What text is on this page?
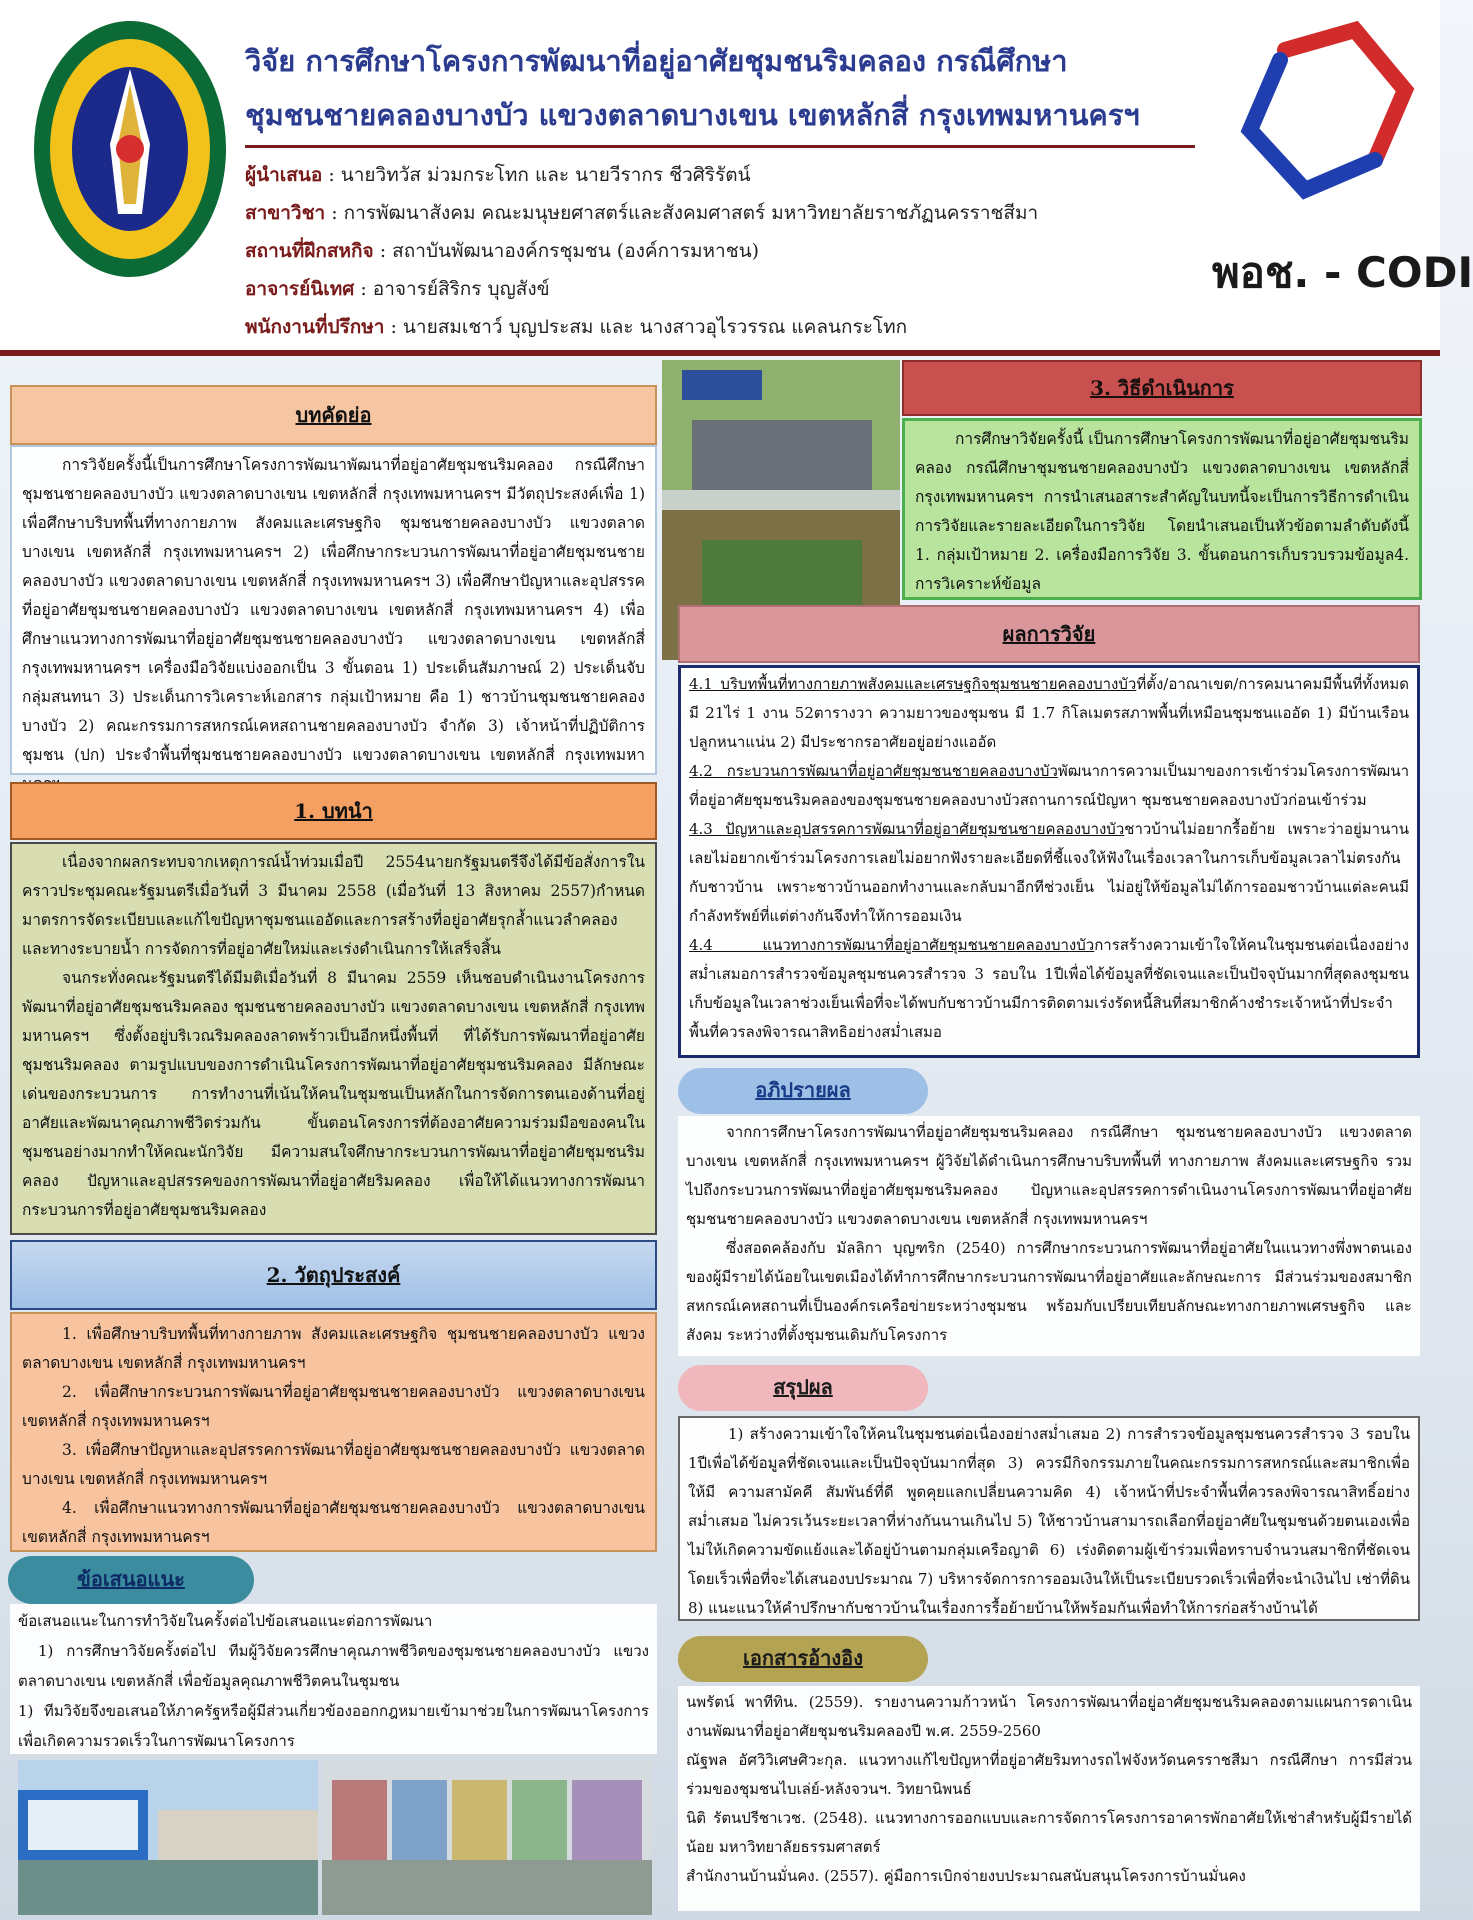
วิจัย การศึกษาโครงการพัฒนาที่อยู่อาศัยชุมชนริมคลอง กรณีศึกษา
ชุมชนชายคลองบางบัว แขวงตลาดบางเขน เขตหลักสี่ กรุงเทพมหานครฯ
ผู้นำเสนอ : นายวิทวัส ม่วมกระโทก และ นายวีรากร ชีวศิริรัตน์
สาขาวิชา : การพัฒนาสังคม คณะมนุษยศาสตร์และสังคมศาสตร์ มหาวิทยาลัยราชภัฏนครราชสีมา
สถานที่ฝึกสหกิจ : สถาบันพัฒนาองค์กรชุมชน (องค์การมหาชน)
อาจารย์นิเทศ : อาจารย์สิริกร บุญสังข์
พนักงานที่ปรึกษา : นายสมเชาว์ บุญประสม และ นางสาวอุไรวรรณ แคลนกระโทก
พอช. - CODI
บทคัดย่อ

การวิจัยครั้งนี้เป็นการศึกษาโครงการพัฒนาพัฒนาที่อยู่อาศัยชุมชนริมคลอง กรณีศึกษา ชุมชนชายคลองบางบัว แขวงตลาดบางเขน เขตหลักสี่ กรุงเทพมหานครฯ มีวัตถุประสงค์เพื่อ 1) เพื่อศึกษาบริบทพื้นที่ทางกายภาพ สังคมและเศรษฐกิจ ชุมชนชายคลองบางบัว แขวงตลาดบางเขน เขตหลักสี่ กรุงเทพมหานครฯ 2) เพื่อศึกษากระบวนการพัฒนาที่อยู่อาศัยชุมชนชายคลองบางบัว แขวงตลาดบางเขน เขตหลักสี่ กรุงเทพมหานครฯ 3) เพื่อศึกษาปัญหาและอุปสรรคที่อยู่อาศัยชุมชนชายคลองบางบัว แขวงตลาดบางเขน เขตหลักสี่ กรุงเทพมหานครฯ 4) เพื่อศึกษาแนวทางการพัฒนาที่อยู่อาศัยชุมชนชายคลองบางบัว แขวงตลาดบางเขน เขตหลักสี่ กรุงเทพมหานครฯ เครื่องมือวิจัยแบ่งออกเป็น 3 ขั้นตอน 1) ประเด็นสัมภาษณ์ 2) ประเด็นจับกลุ่มสนทนา 3) ประเด็นการวิเคราะห์เอกสาร กลุ่มเป้าหมาย คือ 1) ชาวบ้านชุมชนชายคลองบางบัว 2) คณะกรรมการสหกรณ์เคหสถานชายคลองบางบัว จำกัด 3) เจ้าหน้าที่ปฏิบัติการชุมชน (ปก) ประจำพื้นที่ชุมชนชายคลองบางบัว แขวงตลาดบางเขน เขตหลักสี่ กรุงเทพมหา

1. บทนำ

เนื่องจากผลกระทบจากเหตุการณ์น้ำท่วมเมื่อปี 2554นายกรัฐมนตรีจึงได้มีข้อสั่งการในคราวประชุมคณะรัฐมนตรีเมื่อวันที่ 3 มีนาคม 2558 (เมื่อวันที่ 13 สิงหาคม 2557)กำหนดมาตรการจัดระเบียบและแก้ไขปัญหาชุมชนแออัดและการสร้างที่อยู่อาศัยรุกล้ำแนวลำคลองและทางระบายน้ำ การจัดการที่อยู่อาศัยใหม่และเร่งดำเนินการให้เสร็จสิ้น

จนกระทั่งคณะรัฐมนตรีได้มีมติเมื่อวันที่ 8 มีนาคม 2559 เห็นชอบดำเนินงานโครงการพัฒนาที่อยู่อาศัยชุมชนริมคลอง ชุมชนชายคลองบางบัว แขวงตลาดบางเขน เขตหลักสี่ กรุงเทพมหานครฯ ซึ่งตั้งอยู่บริเวณริมคลองลาดพร้าวเป็นอีกหนึ่งพื้นที่ ที่ได้รับการพัฒนาที่อยู่อาศัยชุมชนริมคลอง ตามรูปแบบของการดำเนินโครงการพัฒนาที่อยู่อาศัยชุมชนริมคลอง มีลักษณะเด่นของกระบวนการ การทำงานที่เน้นให้คนในชุมชนเป็นหลักในการจัดการตนเองด้านที่อยู่อาศัยและพัฒนาคุณภาพชีวิตร่วมกัน ขั้นตอนโครงการที่ต้องอาศัยความร่วมมือของคนในชุมชนอย่างมากทำให้คณะนักวิจัย มีความสนใจศึกษากระบวนการพัฒนาที่อยู่อาศัยชุมชนริมคลอง ปัญหาและอุปสรรคของการพัฒนาที่อยู่อาศัยริมคลอง เพื่อให้ได้แนวทางการพัฒนากระบวนการที่อยู่อาศัยชุมชนริมคลอง

2. วัตถุประสงค์

1. เพื่อศึกษาบริบทพื้นที่ทางกายภาพ สังคมและเศรษฐกิจ ชุมชนชายคลองบางบัว แขวงตลาดบางเขน เขตหลักสี่ กรุงเทพมหานครฯ

2. เพื่อศึกษากระบวนการพัฒนาที่อยู่อาศัยชุมชนชายคลองบางบัว แขวงตลาดบางเขน เขตหลักสี่ กรุงเทพมหานครฯ

3. เพื่อศึกษาปัญหาและอุปสรรคการพัฒนาที่อยู่อาศัยชุมชนชายคลองบางบัว แขวงตลาดบางเขน เขตหลักสี่ กรุงเทพมหานครฯ

4. เพื่อศึกษาแนวทางการพัฒนาที่อยู่อาศัยชุมชนชายคลองบางบัว แขวงตลาดบางเขน เขตหลักสี่ กรุงเทพมหานครฯ

ข้อเสนอแนะ

ข้อเสนอแนะในการทำวิจัยในครั้งต่อไปข้อเสนอแนะต่อการพัฒนา

1) การศึกษาวิจัยครั้งต่อไป ทีมผู้วิจัยควรศึกษาคุณภาพชีวิตของชุมชนชายคลองบางบัว แขวงตลาดบางเขน เขตหลักสี่ เพื่อข้อมูลคุณภาพชีวิตคนในชุมชน

1) ทีมวิจัยจึงขอเสนอให้ภาครัฐหรือผู้มีส่วนเกี่ยวข้องออกกฎหมายเข้ามาช่วยในการพัฒนาโครงการเพื่อเกิดความรวดเร็วในการพัฒนาโครงการ

3. วิธีดำเนินการ

การศึกษาวิจัยครั้งนี้ เป็นการศึกษาโครงการพัฒนาที่อยู่อาศัยชุมชนริมคลอง กรณีศึกษาชุมชนชายคลองบางบัว แขวงตลาดบางเขน เขตหลักสี่ กรุงเทพมหานครฯ การนำเสนอสาระสำคัญในบทนี้จะเป็นการวิธีการดำเนินการวิจัยและรายละเอียดในการวิจัย โดยนำเสนอเป็นหัวข้อตามลำดับดังนี้ 1. กลุ่มเป้าหมาย 2. เครื่องมือการวิจัย 3. ขั้นตอนการเก็บรวบรวมข้อมูล4. การวิเคราะห์ข้อมูล

ผลการวิจัย

4.1 บริบทพื้นที่ทางกายภาพสังคมและเศรษฐกิจชุมชนชายคลองบางบัวที่ตั้ง/อาณาเขต/การคมนาคมมีพื้นที่ทั้งหมด มี 21ไร่ 1 งาน 52ตารางวา ความยาวของชุมชน มี 1.7 กิโลเมตรสภาพพื้นที่เหมือนชุมชนแออัด 1) มีบ้านเรือนปลูกหนาแน่น 2) มีประชากรอาศัยอยู่อย่างแออัด

4.2 กระบวนการพัฒนาที่อยู่อาศัยชุมชนชายคลองบางบัวพัฒนาการความเป็นมาของการเข้าร่วมโครงการพัฒนาที่อยู่อาศัยชุมชนริมคลองของชุมชนชายคลองบางบัวสถานการณ์ปัญหา ชุมชนชายคลองบางบัวก่อนเข้าร่วม

4.3 ปัญหาและอุปสรรคการพัฒนาที่อยู่อาศัยชุมชนชายคลองบางบัวชาวบ้านไม่อยากรื้อย้าย เพราะว่าอยู่มานานเลยไม่อยากเข้าร่วมโครงการเลยไม่อยากฟังรายละเอียดที่ชี้แจงให้ฟังในเรื่องเวลาในการเก็บข้อมูลเวลาไม่ตรงกันกับชาวบ้าน เพราะชาวบ้านออกทำงานและกลับมาอีกทีช่วงเย็น ไม่อยู่ให้ข้อมูลไม่ได้การออมชาวบ้านแต่ละคนมีกำลังทรัพย์ที่แต่ต่างกันจึงทำให้การออมเงิน

4.4 แนวทางการพัฒนาที่อยู่อาศัยชุมชนชายคลองบางบัวการสร้างความเข้าใจให้คนในชุมชนต่อเนื่องอย่างสม่ำเสมอการสำรวจข้อมูลชุมชนควรสำรวจ 3 รอบใน 1ปีเพื่อได้ข้อมูลที่ชัดเจนและเป็นปัจจุบันมากที่สุดลงชุมชนเก็บข้อมูลในเวลาช่วงเย็นเพื่อที่จะได้พบกับชาวบ้านมีการติดตามเร่งรัดหนี้สินที่สมาชิกค้างชำระเจ้าหน้าที่ประจำพื้นที่ควรลงพิจารณาสิทธิอย่างสม่ำเสมอ

อภิปรายผล

จากการศึกษาโครงการพัฒนาที่อยู่อาศัยชุมชนริมคลอง กรณีศึกษา ชุมชนชายคลองบางบัว แขวงตลาดบางเขน เขตหลักสี่ กรุงเทพมหานครฯ ผู้วิจัยได้ดำเนินการศึกษาบริบทพื้นที่ ทางกายภาพ สังคมและเศรษฐกิจ รวมไปถึงกระบวนการพัฒนาที่อยู่อาศัยชุมชนริมคลอง ปัญหาและอุปสรรคการดำเนินงานโครงการพัฒนาที่อยู่อาศัยชุมชนชายคลองบางบัว แขวงตลาดบางเขน เขตหลักสี่ กรุงเทพมหานครฯ

ซึ่งสอดคล้องกับ มัลลิกา บุญฑริก (2540) การศึกษากระบวนการพัฒนาที่อยู่อาศัยในแนวทางพึ่งพาตนเองของผู้มีรายได้น้อยในเขตเมืองได้ทำการศึกษากระบวนการพัฒนาที่อยู่อาศัยและลักษณะการ มีส่วนร่วมของสมาชิกสหกรณ์เคหสถานที่เป็นองค์กรเครือข่ายระหว่างชุมชน พร้อมกับเปรียบเทียบลักษณะทางกายภาพเศรษฐกิจ และสังคม ระหว่างที่ตั้งชุมชนเดิมกับโครงการ

สรุปผล

1) สร้างความเข้าใจให้คนในชุมชนต่อเนื่องอย่างสม่ำเสมอ 2) การสำรวจข้อมูลชุมชนควรสำรวจ 3 รอบใน 1ปีเพื่อได้ข้อมูลที่ชัดเจนและเป็นปัจจุบันมากที่สุด 3) ควรมีกิจกรรมภายในคณะกรรมการสหกรณ์และสมาชิกเพื่อให้มี ความสามัคคี สัมพันธ์ที่ดี พูดคุยแลกเปลี่ยนความคิด 4) เจ้าหน้าที่ประจำพื้นที่ควรลงพิจารณาสิทธิ์อย่างสม่ำเสมอ ไม่ควรเว้นระยะเวลาที่ห่างกันนานเกินไป 5) ให้ชาวบ้านสามารถเลือกที่อยู่อาศัยในชุมชนด้วยตนเองเพื่อไม่ให้เกิดความขัดแย้งและได้อยู่บ้านตามกลุ่มเครือญาติ 6) เร่งติดตามผู้เข้าร่วมเพื่อทราบจำนวนสมาชิกที่ชัดเจนโดยเร็วเพื่อที่จะได้เสนองบประมาณ 7) บริหารจัดการการออมเงินให้เป็นระเบียบรวดเร็วเพื่อที่จะนำเงินไป เช่าที่ดิน 8) แนะแนวให้คำปรึกษากับชาวบ้านในเรื่องการรื้อย้ายบ้านให้พร้อมกันเพื่อทำให้การก่อสร้างบ้านได้

เอกสารอ้างอิง

นพรัตน์ พาทีทิน. (2559). รายงานความก้าวหน้า โครงการพัฒนาที่อยู่อาศัยชุมชนริมคลองตามแผนการดาเนินงานพัฒนาที่อยู่อาศัยชุมชนริมคลองปี พ.ศ. 2559-2560

ณัฐพล อัศวิวิเศษศิวะกุล. แนวทางแก้ไขปัญหาที่อยู่อาศัยริมทางรถไฟจังหวัดนครราชสีมา กรณีศึกษา การมีส่วนร่วมของชุมชนไบเล่ย์-หลังจวนฯ. วิทยานิพนธ์

นิติ รัตนปรีชาเวช. (2548). แนวทางการออกแบบและการจัดการโครงการอาคารพักอาศัยให้เช่าสำหรับผู้มีรายได้น้อย มหาวิทยาลัยธรรมศาสตร์

สำนักงานบ้านมั่นคง. (2557). คู่มือการเบิกจ่ายงบประมาณสนับสนุนโครงการบ้านมั่นคง
